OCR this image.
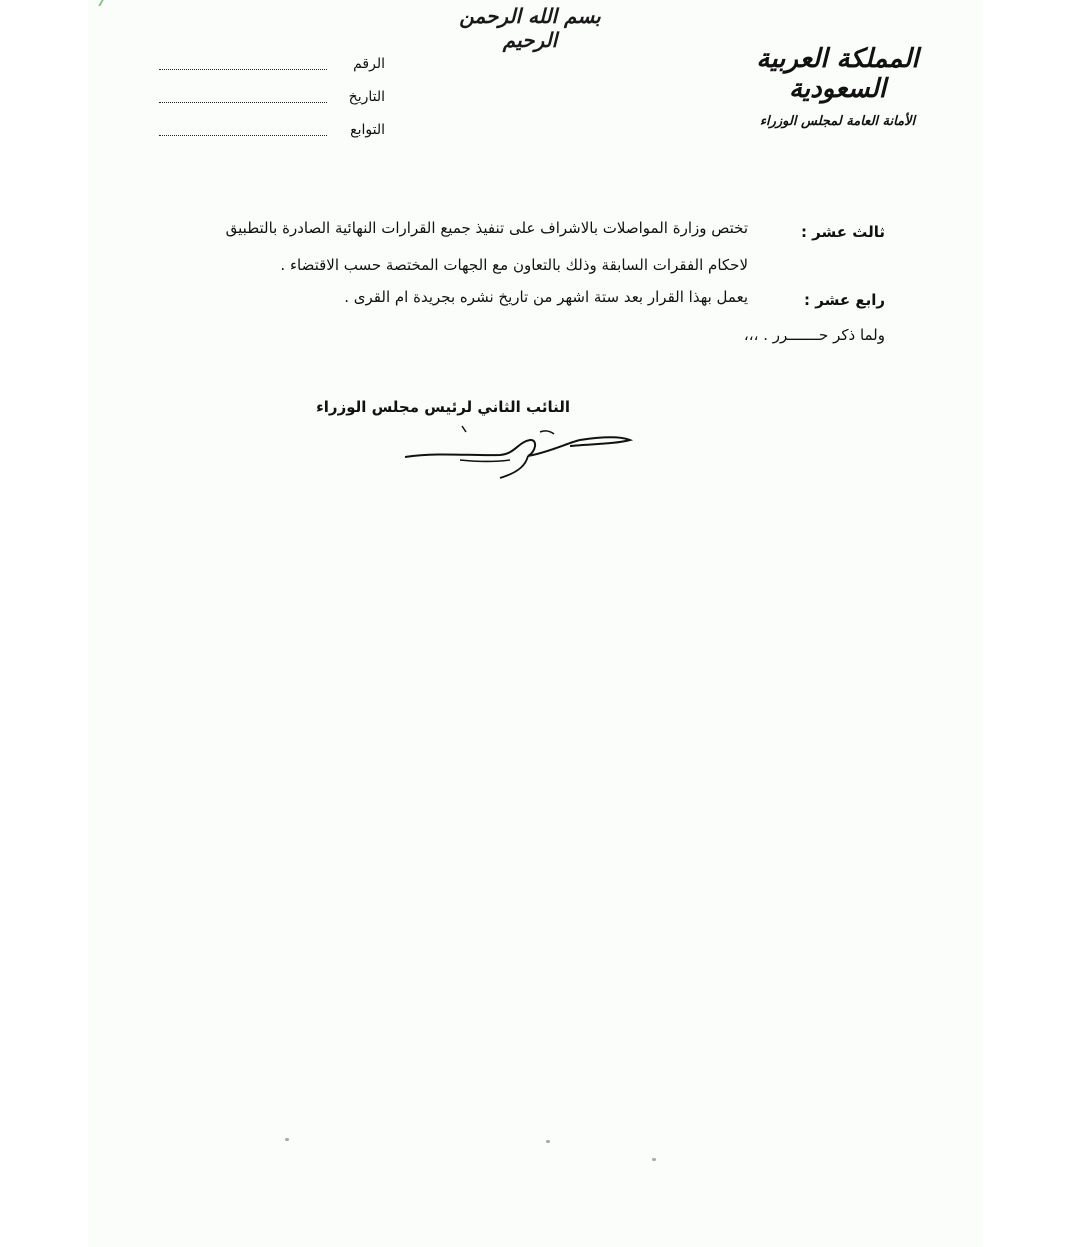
بسم الله الرحمن الرحيم
المملكة العربية السعودية
الأمانة العامة لمجلس الوزراء
الرقم
التاريخ
التوابع
ثالث عشر :
تختص وزارة المواصلات بالاشراف على تنفيذ جميع القرارات النهائية الصادرة بالتطبيق
لاحكام الفقرات السابقة وذلك بالتعاون مع الجهات المختصة حسب الاقتضاء .
رابع عشر :
يعمل بهذا القرار بعد ستة اشهر من تاريخ نشره بجريدة ام القرى .
ولما ذكر حـــــــرر . ،،،
النائب الثاني لرئيس مجلس الوزراء
